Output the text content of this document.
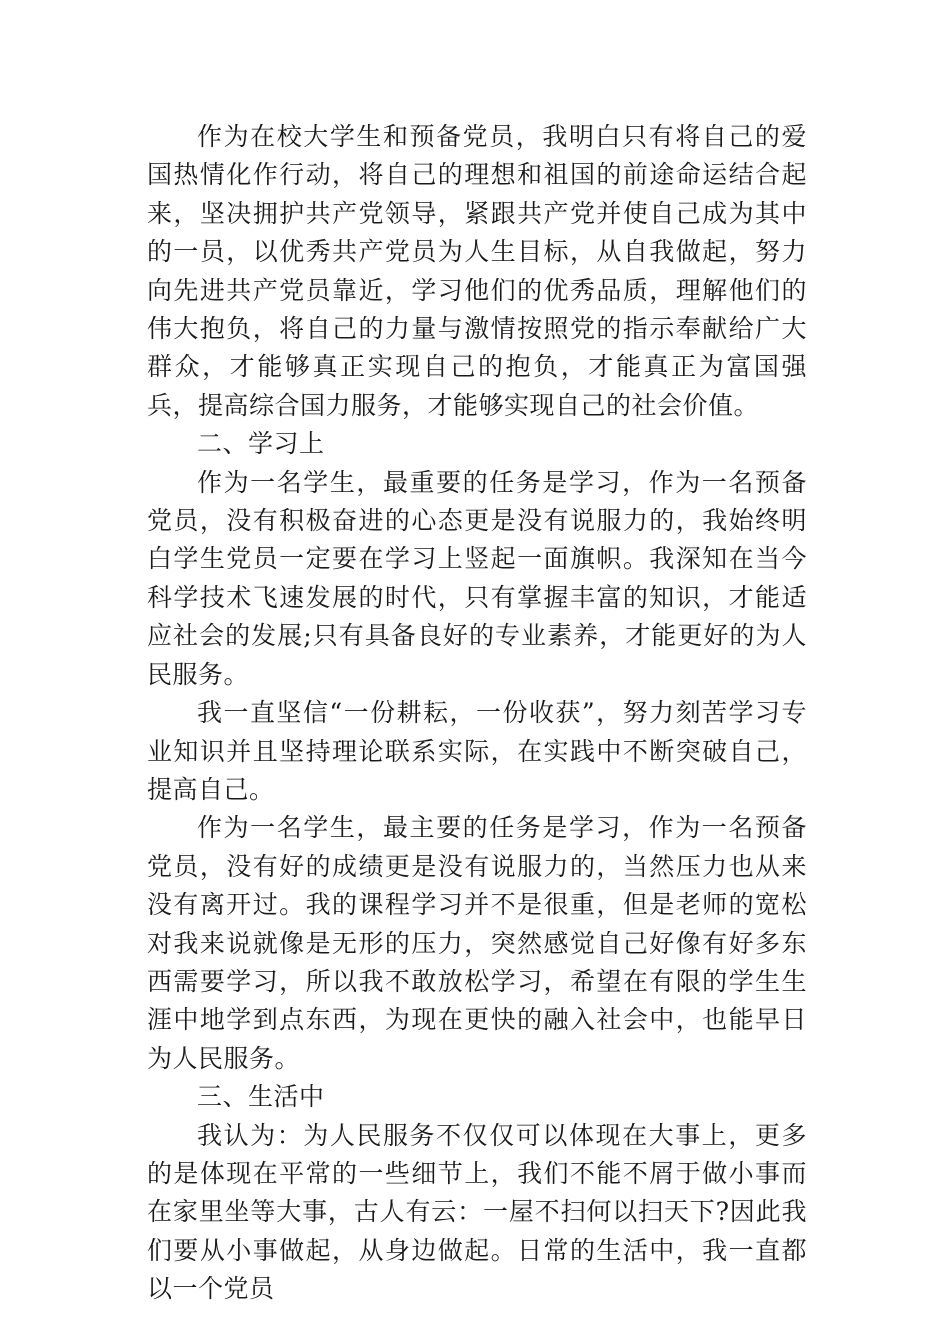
作为在校大学生和预备党员，我明白只有将自己的爱国热情化作行动，将自己的理想和祖国的前途命运结合起来，坚决拥护共产党领导，紧跟共产党并使自己成为其中的一员，以优秀共产党员为人生目标，从自我做起，努力向先进共产党员靠近，学习他们的优秀品质，理解他们的伟大抱负，将自己的力量与激情按照党的指示奉献给广大群众，才能够真正实现自己的抱负，才能真正为富国强兵，提高综合国力服务，才能够实现自己的社会价值。

二、学习上

作为一名学生，最重要的任务是学习，作为一名预备党员，没有积极奋进的心态更是没有说服力的，我始终明白学生党员一定要在学习上竖起一面旗帜。我深知在当今科学技术飞速发展的时代，只有掌握丰富的知识，才能适应社会的发展;只有具备良好的专业素养，才能更好的为人民服务。

我一直坚信“一份耕耘，一份收获”，努力刻苦学习专业知识并且坚持理论联系实际，在实践中不断突破自己，提高自己。

作为一名学生，最主要的任务是学习，作为一名预备党员，没有好的成绩更是没有说服力的，当然压力也从来没有离开过。我的课程学习并不是很重，但是老师的宽松对我来说就像是无形的压力，突然感觉自己好像有好多东西需要学习，所以我不敢放松学习，希望在有限的学生生涯中地学到点东西，为现在更快的融入社会中，也能早日为人民服务。

三、生活中

我认为：为人民服务不仅仅可以体现在大事上，更多的是体现在平常的一些细节上，我们不能不屑于做小事而在家里坐等大事，古人有云：一屋不扫何以扫天下?因此我们要从小事做起，从身边做起。日常的生活中，我一直都以一个党员
